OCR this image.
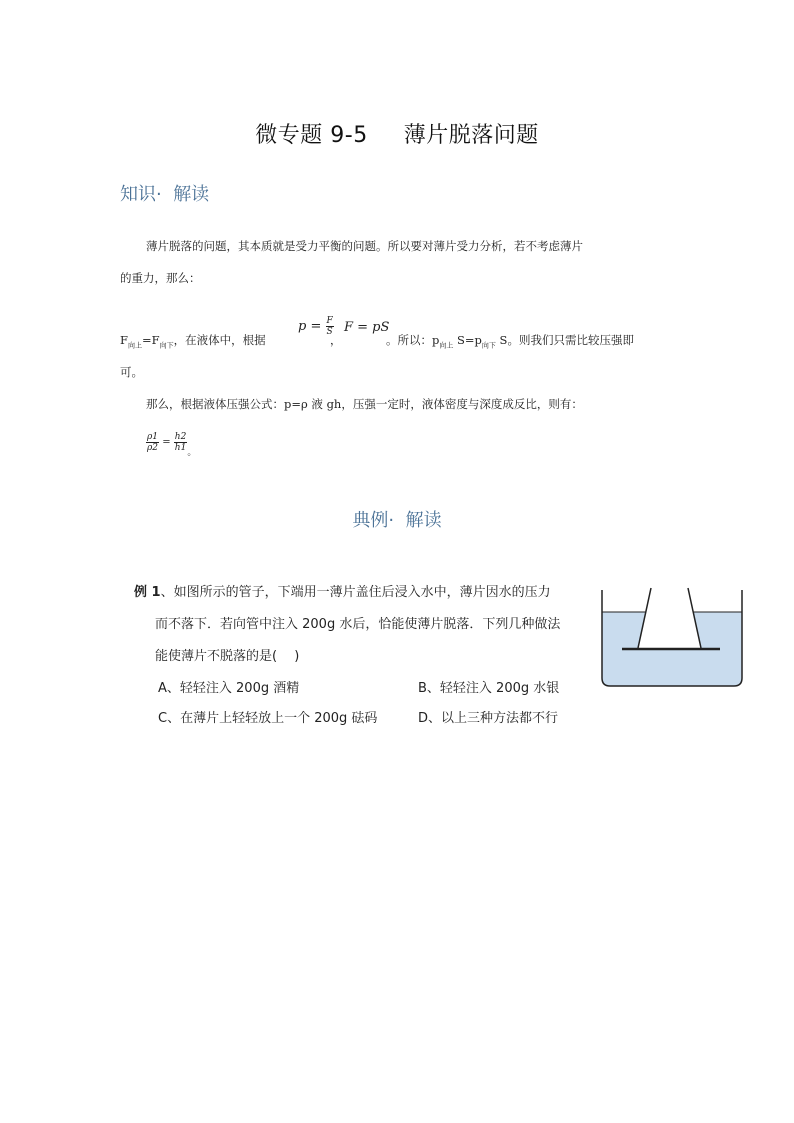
微专题 9-5 薄片脱落问题
知识· 解读
薄片脱落的问题，其本质就是受力平衡的问题。所以要对薄片受力分析，若不考虑薄片
的重力，那么：
$F_{向上}=F_{向下}$，在液体中，根据
$p = \frac{F}{S}$
，
F = pS
。所以：$p_{向上}$ $S=p_{向下}$ S。则我们只需比较压强即
可。
那么，根据液体压强公式：p=ρ 液 gh，压强一定时，液体密度与深度成反比，则有：
$\frac{\rho 1}{\rho 2} = \frac{h2}{h1}$ 。
典例· 解读
例 1、如图所示的管子，下端用一薄片盖住后浸入水中，薄片因水的压力
而不落下．若向管中注入 200g 水后，恰能使薄片脱落．下列几种做法
能使薄片不脱落的是(　 )
A、轻轻注入 200g 酒精	B、轻轻注入 200g 水银
C、在薄片上轻轻放上一个 200g 砝码	D、以上三种方法都不行
